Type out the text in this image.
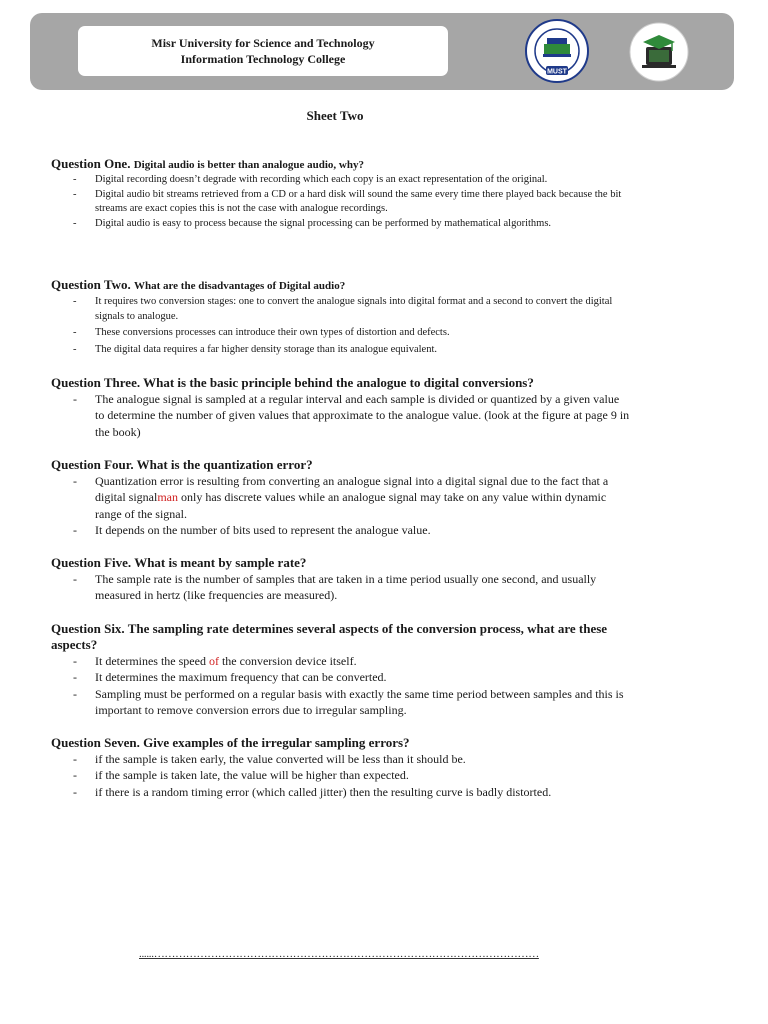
Misr University for Science and Technology
Information Technology College
MUST
Sheet Two
Question One. Digital audio is better than analogue audio, why?
- Digital recording doesn’t degrade with recording which each copy is an exact representation of the original.
- Digital audio bit streams retrieved from a CD or a hard disk will sound the same every time there played back because the bit streams are exact copies this is not the case with analogue recordings.
- Digital audio is easy to process because the signal processing can be performed by mathematical algorithms.
Question Two. What are the disadvantages of Digital audio?
- It requires two conversion stages: one to convert the analogue signals into digital format and a second to convert the digital signals to analogue.
- These conversions processes can introduce their own types of distortion and defects.
- The digital data requires a far higher density storage than its analogue equivalent.
Question Three. What is the basic principle behind the analogue to digital conversions?
- The analogue signal is sampled at a regular interval and each sample is divided or quantized by a given value to determine the number of given values that approximate to the analogue value. (look at the figure at page 9 in the book)
Question Four. What is the quantization error?
- Quantization error is resulting from converting an analogue signal into a digital signal due to the fact that a digital signalman only has discrete values while an analogue signal may take on any value within dynamic range of the signal.
- It depends on the number of bits used to represent the analogue value.
Question Five. What is meant by sample rate?
- The sample rate is the number of samples that are taken in a time period usually one second, and usually measured in hertz (like frequencies are measured).
Question Six. The sampling rate determines several aspects of the conversion process, what are these aspects?
- It determines the speed of the conversion device itself.
- It determines the maximum frequency that can be converted.
- Sampling must be performed on a regular basis with exactly the same time period between samples and this is important to remove conversion errors due to irregular sampling.
Question Seven. Give examples of the irregular sampling errors?
- if the sample is taken early, the value converted will be less than it should be.
- if the sample is taken late, the value will be higher than expected.
- if there is a random timing error (which called jitter) then the resulting curve is badly distorted.
......………………………………………………………………………………………………
